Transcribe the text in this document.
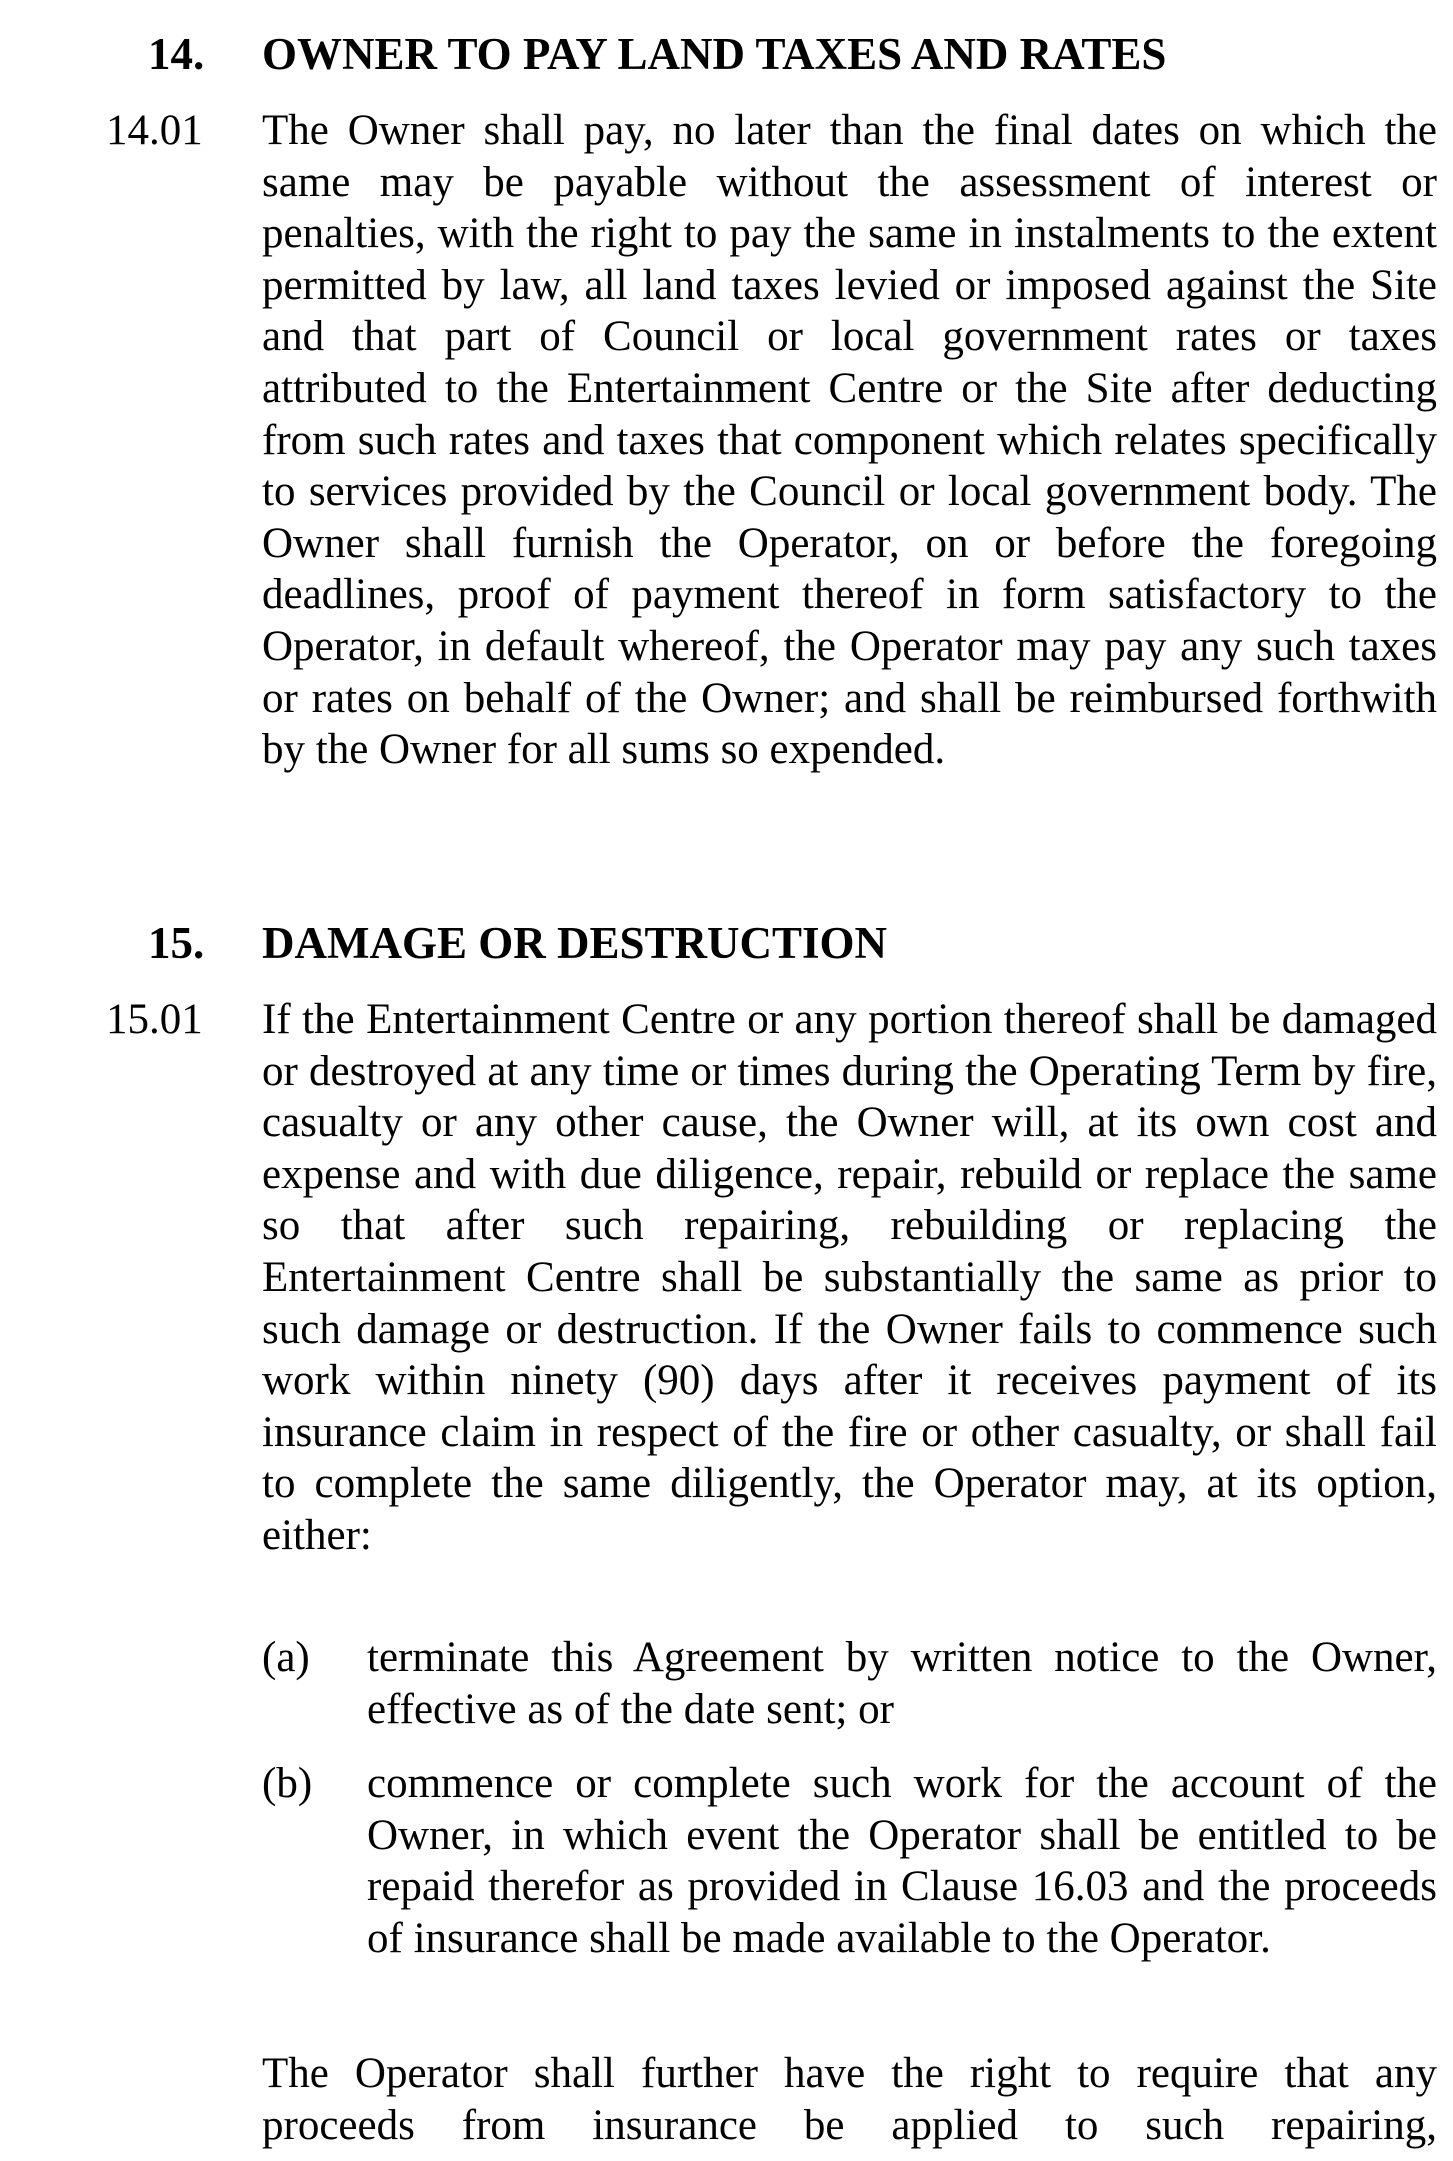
14. OWNER TO PAY LAND TAXES AND RATES
14.01 The Owner shall pay, no later than the final dates on which the same may be payable without the assessment of interest or penalties, with the right to pay the same in instalments to the extent permitted by law, all land taxes levied or imposed against the Site and that part of Council or local government rates or taxes attributed to the Entertainment Centre or the Site after deducting from such rates and taxes that component which relates specifically to services provided by the Council or local government body. The Owner shall furnish the Operator, on or before the foregoing deadlines, proof of payment thereof in form satisfactory to the Operator, in default whereof, the Operator may pay any such taxes or rates on behalf of the Owner; and shall be reimbursed forthwith by the Owner for all sums so expended.

15. DAMAGE OR DESTRUCTION
15.01 If the Entertainment Centre or any portion thereof shall be damaged or destroyed at any time or times during the Operating Term by fire, casualty or any other cause, the Owner will, at its own cost and expense and with due diligence, repair, rebuild or replace the same so that after such repairing, rebuilding or replacing the Entertainment Centre shall be substantially the same as prior to such damage or destruction. If the Owner fails to commence such work within ninety (90) days after it receives payment of its insurance claim in respect of the fire or other casualty, or shall fail to complete the same diligently, the Operator may, at its option, either:

(a) terminate this Agreement by written notice to the Owner, effective as of the date sent; or

(b) commence or complete such work for the account of the Owner, in which event the Operator shall be entitled to be repaid therefor as provided in Clause 16.03 and the proceeds of insurance shall be made available to the Operator.

The Operator shall further have the right to require that any proceeds from insurance be applied to such repairing,
